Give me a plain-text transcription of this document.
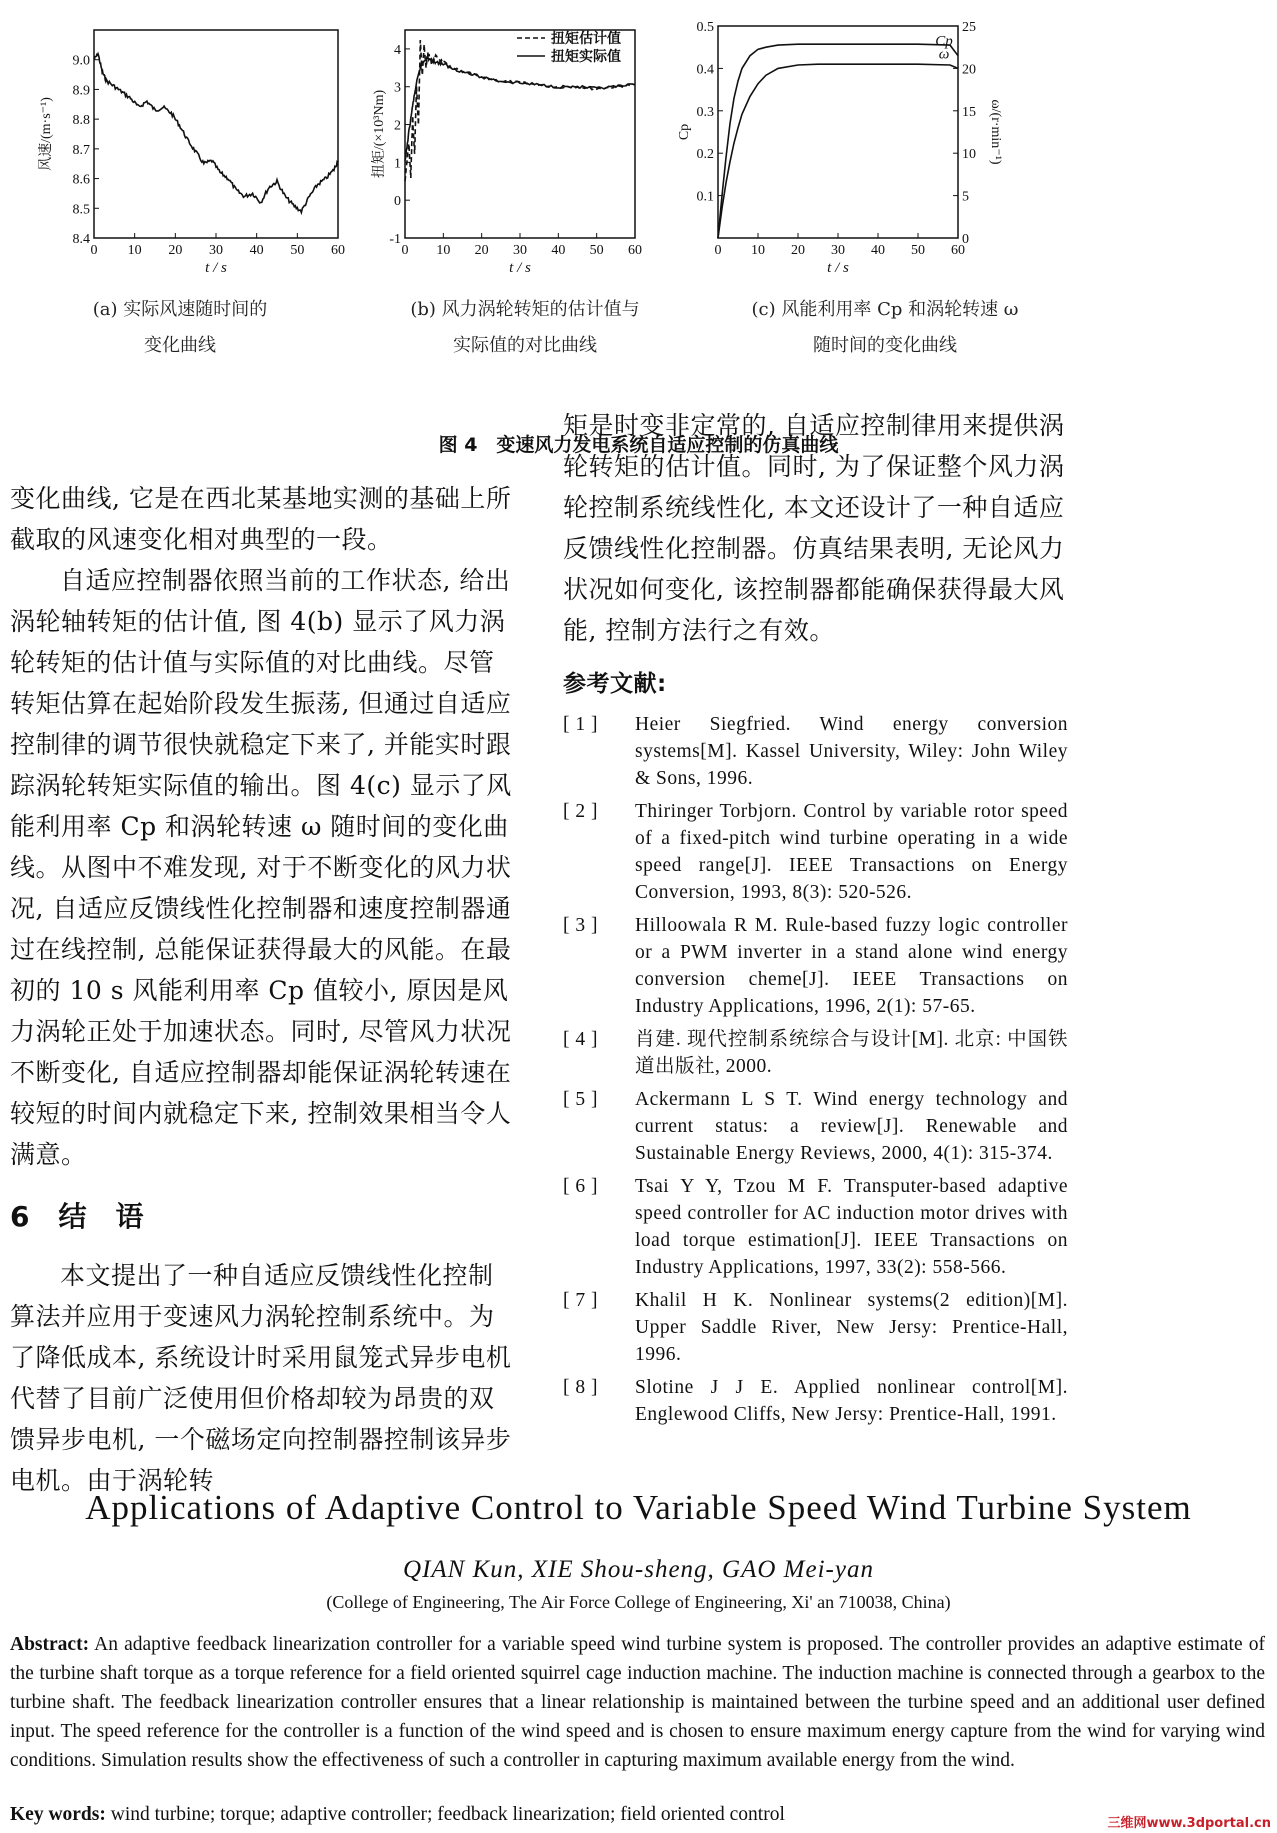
0 10 20 30 40 50 60
8.4
8.5
8.6
8.7
8.8
8.9
9.0
t / s
风速/(m·s⁻¹)
0 10 20 30 40 50 60
-1
0
1
2
3
4
t / s
扭矩/(×10³Nm)
扭矩估计值
扭矩实际值
0 10 20 30 40 50 60
0.1
0.2
0.3
0.4
0.5
t / s
Cp
0
5
10
15
20
25
ω/(r·min⁻¹)
Cp
ω
(a) 实际风速随时间的
变化曲线
(b) 风力涡轮转矩的估计值与
实际值的对比曲线
(c) 风能利用率 Cp 和涡轮转速 ω
随时间的变化曲线
图 4　变速风力发电系统自适应控制的仿真曲线

变化曲线, 它是在西北某基地实测的基础上所截取的风速变化相对典型的一段。

自适应控制器依照当前的工作状态, 给出涡轮轴转矩的估计值, 图 4(b) 显示了风力涡轮转矩的估计值与实际值的对比曲线。尽管转矩估算在起始阶段发生振荡, 但通过自适应控制律的调节很快就稳定下来了, 并能实时跟踪涡轮转矩实际值的输出。图 4(c) 显示了风能利用率 Cp 和涡轮转速 ω 随时间的变化曲线。从图中不难发现, 对于不断变化的风力状况, 自适应反馈线性化控制器和速度控制器通过在线控制, 总能保证获得最大的风能。在最初的 10 s 风能利用率 Cp 值较小, 原因是风力涡轮正处于加速状态。同时, 尽管风力状况不断变化, 自适应控制器却能保证涡轮转速在较短的时间内就稳定下来, 控制效果相当令人满意。

6　结　语

本文提出了一种自适应反馈线性化控制算法并应用于变速风力涡轮控制系统中。为了降低成本, 系统设计时采用鼠笼式异步电机代替了目前广泛使用但价格却较为昂贵的双馈异步电机, 一个磁场定向控制器控制该异步电机。由于涡轮转

矩是时变非定常的, 自适应控制律用来提供涡轮转矩的估计值。同时, 为了保证整个风力涡轮控制系统线性化, 本文还设计了一种自适应反馈线性化控制器。仿真结果表明, 无论风力状况如何变化, 该控制器都能确保获得最大风能, 控制方法行之有效。

参考文献:
[ 1 ]	Heier Siegfried. Wind energy conversion systems[M]. Kassel University, Wiley: John Wiley & Sons, 1996.
[ 2 ]	Thiringer Torbjorn. Control by variable rotor speed of a fixed-pitch wind turbine operating in a wide speed range[J]. IEEE Transactions on Energy Conversion, 1993, 8(3): 520-526.
[ 3 ]	Hilloowala R M. Rule-based fuzzy logic controller or a PWM inverter in a stand alone wind energy conversion cheme[J]. IEEE Transactions on Industry Applications, 1996, 2(1): 57-65.
[ 4 ]	肖建. 现代控制系统综合与设计[M]. 北京: 中国铁道出版社, 2000.
[ 5 ]	Ackermann L S T. Wind energy technology and current status: a review[J]. Renewable and Sustainable Energy Reviews, 2000, 4(1): 315-374.
[ 6 ]	Tsai Y Y, Tzou M F. Transputer-based adaptive speed controller for AC induction motor drives with load torque estimation[J]. IEEE Transactions on Industry Applications, 1997, 33(2): 558-566.
[ 7 ]	Khalil H K. Nonlinear systems(2 edition)[M]. Upper Saddle River, New Jersy: Prentice-Hall, 1996.
[ 8 ]	Slotine J J E. Applied nonlinear control[M]. Englewood Cliffs, New Jersy: Prentice-Hall, 1991.
Applications of Adaptive Control to Variable Speed Wind Turbine System
QIAN Kun, XIE Shou-sheng, GAO Mei-yan
(College of Engineering, The Air Force College of Engineering, Xi' an 710038, China)
Abstract: An adaptive feedback linearization controller for a variable speed wind turbine system is proposed. The controller provides an adaptive estimate of the turbine shaft torque as a torque reference for a field oriented squirrel cage induction machine. The induction machine is connected through a gearbox to the turbine shaft. The feedback linearization controller ensures that a linear relationship is maintained between the turbine speed and an additional user defined input. The speed reference for the controller is a function of the wind speed and is chosen to ensure maximum energy capture from the wind for varying wind conditions. Simulation results show the effectiveness of such a controller in capturing maximum available energy from the wind.
Key words: wind turbine; torque; adaptive controller; feedback linearization; field oriented control	三维网www.3dportal.cn
